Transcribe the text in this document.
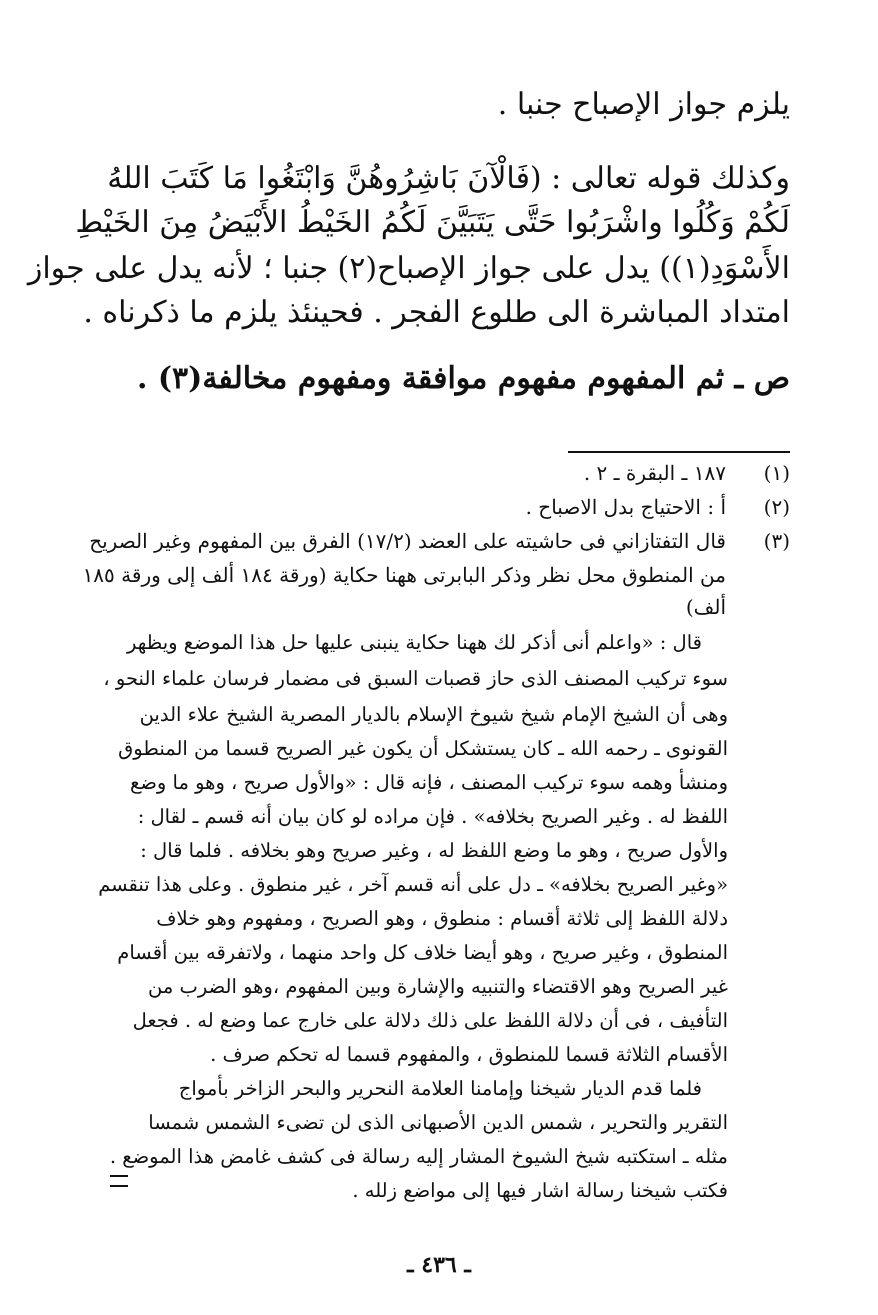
يلزم جواز الإصباح جنبا .
وكذلك قوله تعالى : (فَالْآنَ بَاشِرُوهُنَّ وَابْتَغُوا مَا كَتَبَ اللهُ
لَكُمْ وَكُلُوا واشْرَبُوا حَتَّى يَتَبَيَّنَ لَكُمُ الخَيْطُ الأَبْيَضُ مِنَ الخَيْطِ
الأَسْوَدِ(١)) يدل على جواز الإصباح(٢) جنبا ؛ لأنه يدل على جواز
امتداد المباشرة الى طلوع الفجر . فحينئذ يلزم ما ذكرناه .
ص ـ ثم المفهوم مفهوم موافقة ومفهوم مخالفة(٣) .
(١)
١٨٧ ـ البقرة ـ ٢ .
(٢)
أ : الاحتياج بدل الاصباح .
(٣)
قال التفتازاني فى حاشيته على العضد (١٧/٢) الفرق بين المفهوم وغير الصريح
من المنطوق محل نظر وذكر البابرتى ههنا حكاية (ورقة ١٨٤ ألف إلى ورقة ١٨٥
ألف)
قال : «واعلم أنى أذكر لك ههنا حكاية ينبنى عليها حل هذا الموضع ويظهر
سوء تركيب المصنف الذى حاز قصبات السبق فى مضمار فرسان علماء النحو ،
وهى أن الشيخ الإمام شيخ شيوخ الإسلام بالديار المصرية الشيخ علاء الدين
القونوى ـ رحمه الله ـ كان يستشكل أن يكون غير الصريح قسما من المنطوق
ومنشأ وهمه سوء تركيب المصنف ، فإنه قال : «والأول صريح ، وهو ما وضع
اللفظ له . وغير الصريح بخلافه» . فإن مراده لو كان بيان أنه قسم ـ لقال :
والأول صريح ، وهو ما وضع اللفظ له ، وغير صريح وهو بخلافه . فلما قال :
«وغير الصريح بخلافه» ـ دل على أنه قسم آخر ، غير منطوق . وعلى هذا تنقسم
دلالة اللفظ إلى ثلاثة أقسام : منطوق ، وهو الصريح ، ومفهوم وهو خلاف
المنطوق ، وغير صريح ، وهو أيضا خلاف كل واحد منهما ، ولاتفرقه بين أقسام
غير الصريح وهو الاقتضاء والتنبيه والإشارة وبين المفهوم ،وهو الضرب من
التأفيف ، فى أن دلالة اللفظ على ذلك دلالة على خارج عما وضع له . فجعل
الأقسام الثلاثة قسما للمنطوق ، والمفهوم قسما له تحكم صرف .
فلما قدم الديار شيخنا وإمامنا العلامة النحرير والبحر الزاخر بأمواج
التقرير والتحرير ، شمس الدين الأصبهانى الذى لن تضىء الشمس شمسا
مثله ـ استكتبه شيخ الشيوخ المشار إليه رسالة فى كشف غامض هذا الموضع .
فكتب شيخنا رسالة اشار فيها إلى مواضع زلله .
ـ ٤٣٦ ـ
